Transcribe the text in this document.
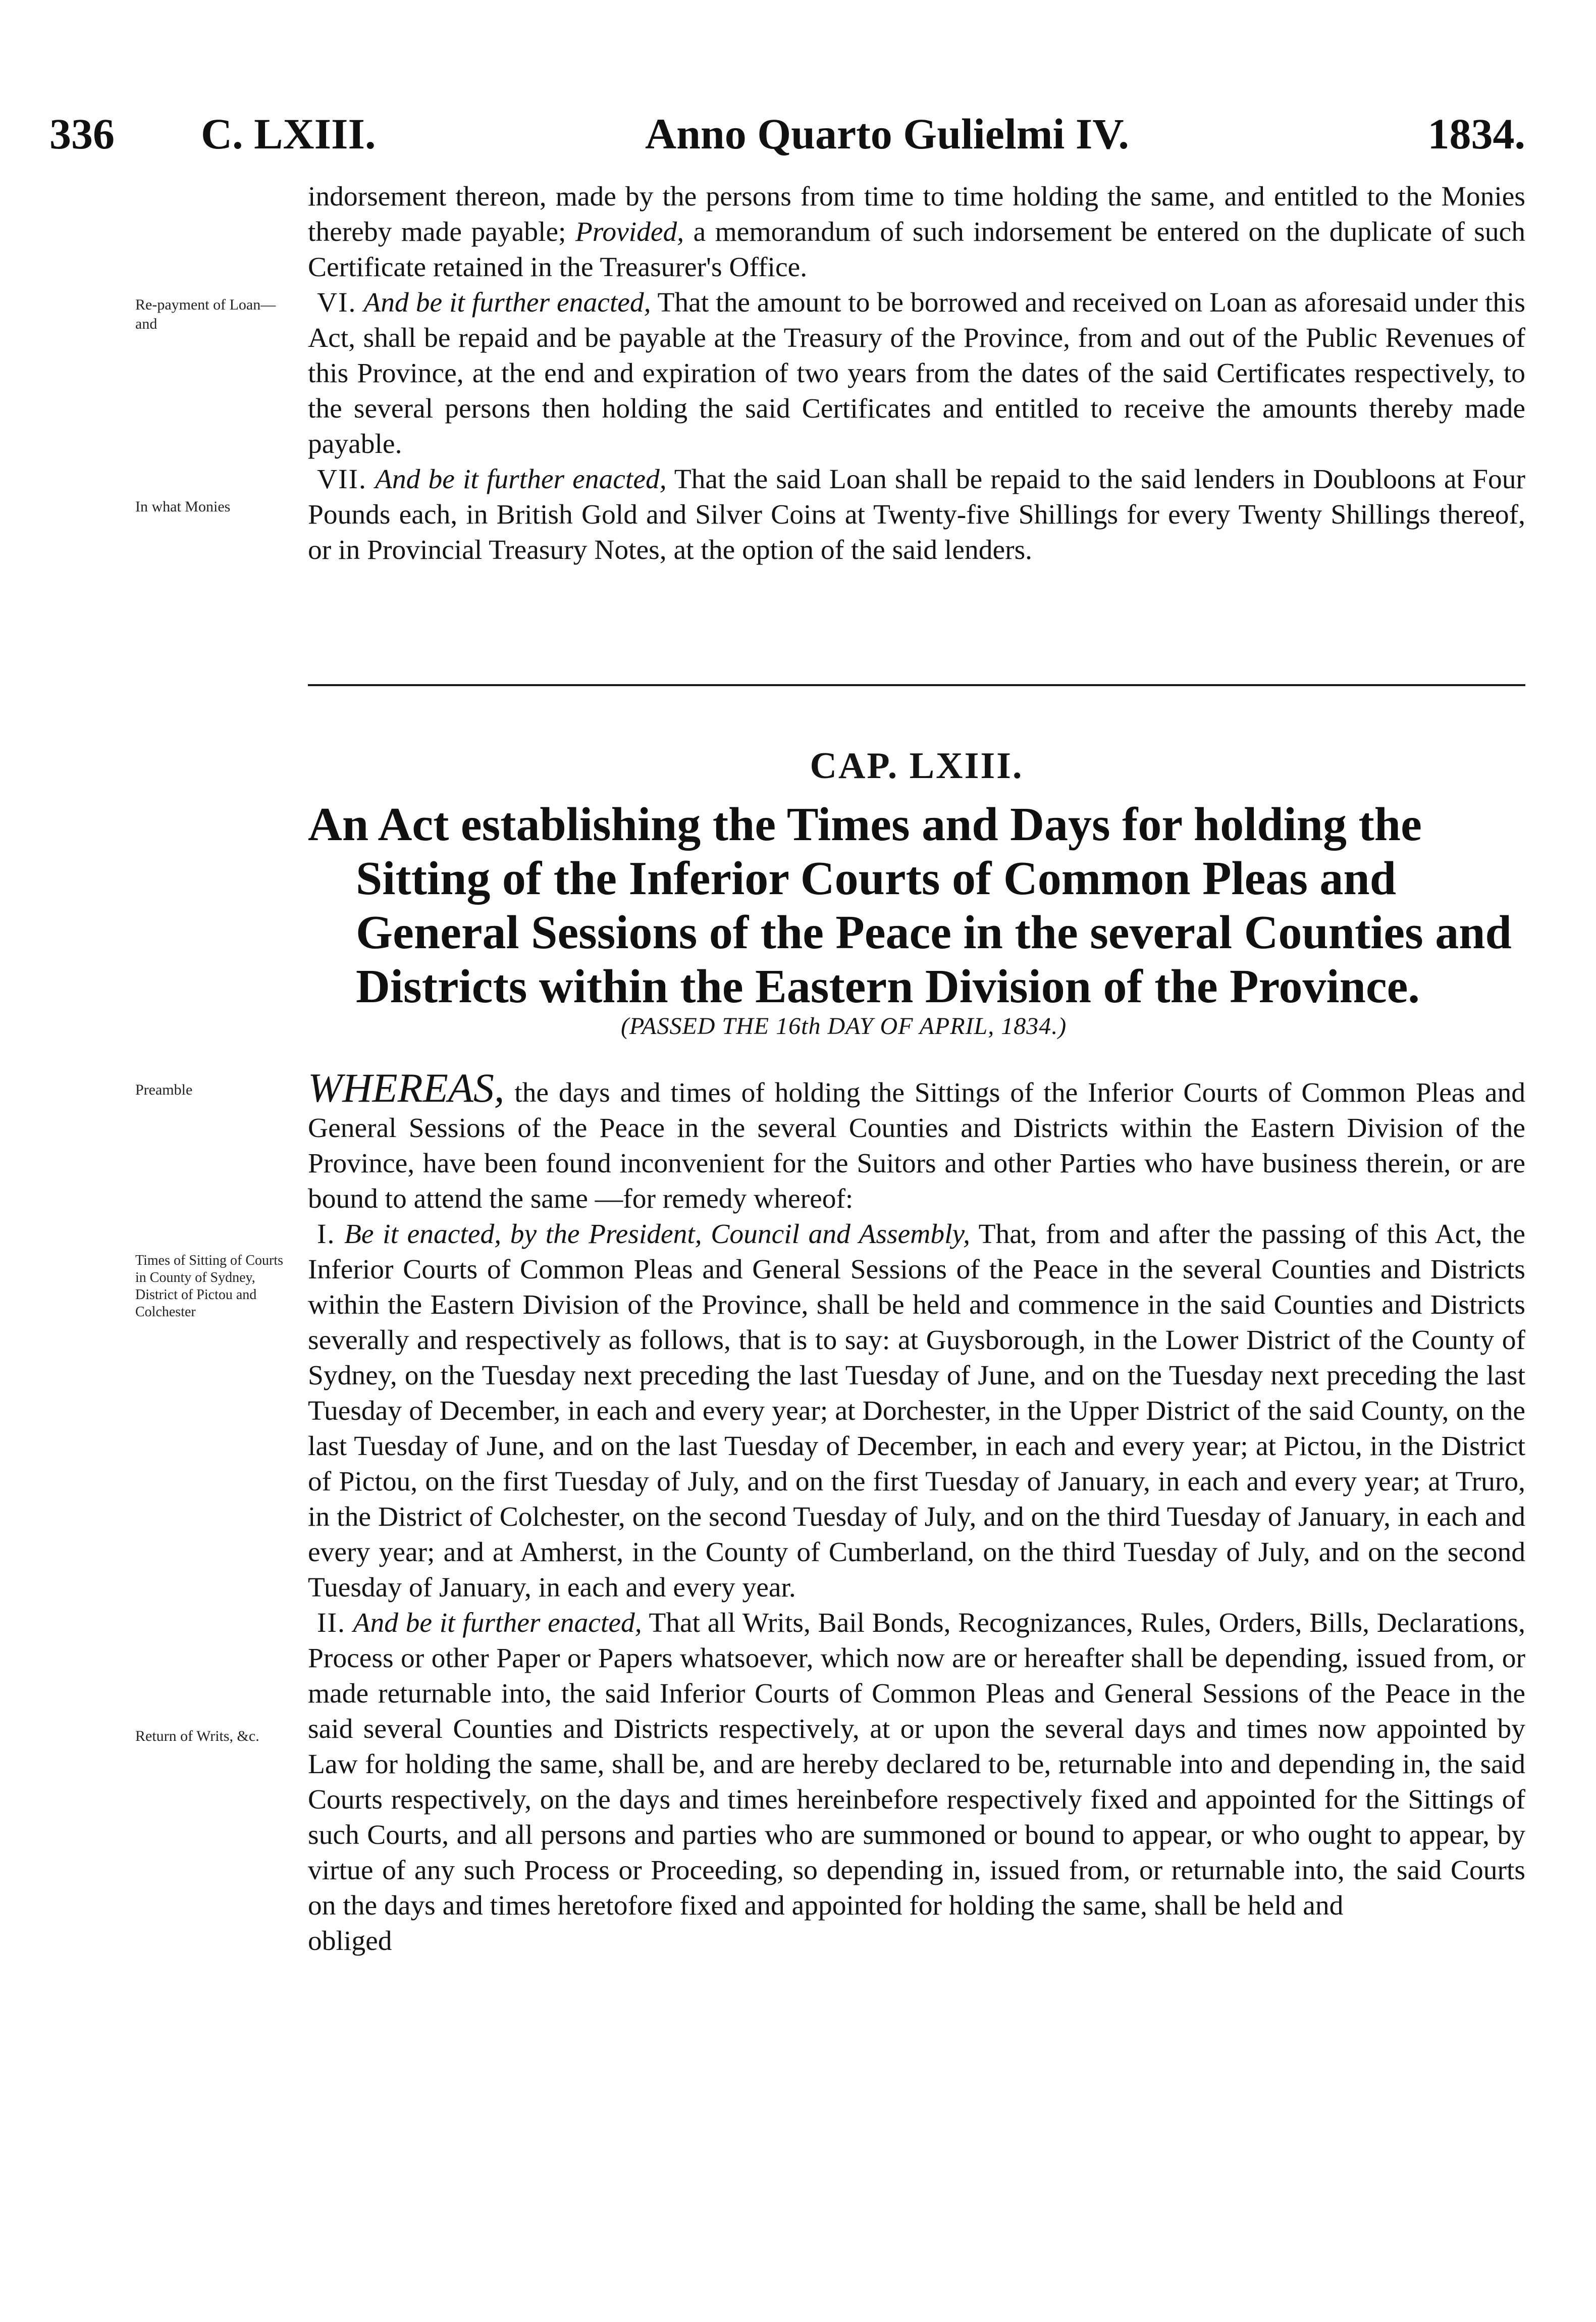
336 C. LXIII.	Anno Quarto Gulielmi IV.	1834.

indorsement thereon, made by the persons from time to time holding the same, and entitled to the Monies thereby made payable; Provided, a memorandum of such indorsement be entered on the duplicate of such Certificate retained in the Treasurer's Office.

VI. And be it further enacted, That the amount to be borrowed and received on Loan as aforesaid under this Act, shall be repaid and be payable at the Treasury of the Province, from and out of the Public Revenues of this Province, at the end and expiration of two years from the dates of the said Certificates respectively, to the several persons then holding the said Certificates and entitled to receive the amounts thereby made payable.

VII. And be it further enacted, That the said Loan shall be repaid to the said lenders in Doubloons at Four Pounds each, in British Gold and Silver Coins at Twenty-five Shillings for every Twenty Shillings thereof, or in Provincial Treasury Notes, at the option of the said lenders.

Re-payment of Loan—and

In what Monies

Preamble

Times of Sitting of Courts in County of Sydney, District of Pictou and Colchester

Return of Writs, &c.

CAP. LXIII.
An Act establishing the Times and Days for holding the Sitting of the Inferior Courts of Common Pleas and General Sessions of the Peace in the several Counties and Districts within the Eastern Division of the Province.
(PASSED THE 16th DAY OF APRIL, 1834.)

WHEREAS, the days and times of holding the Sittings of the Inferior Courts of Common Pleas and General Sessions of the Peace in the several Counties and Districts within the Eastern Division of the Province, have been found inconvenient for the Suitors and other Parties who have business therein, or are bound to attend the same —for remedy whereof:

I. Be it enacted, by the President, Council and Assembly, That, from and after the passing of this Act, the Inferior Courts of Common Pleas and General Sessions of the Peace in the several Counties and Districts within the Eastern Division of the Province, shall be held and commence in the said Counties and Districts severally and respectively as follows, that is to say: at Guysborough, in the Lower District of the County of Sydney, on the Tuesday next preceding the last Tuesday of June, and on the Tuesday next preceding the last Tuesday of December, in each and every year; at Dorchester, in the Upper District of the said County, on the last Tuesday of June, and on the last Tuesday of December, in each and every year; at Pictou, in the District of Pictou, on the first Tuesday of July, and on the first Tuesday of January, in each and every year; at Truro, in the District of Colchester, on the second Tuesday of July, and on the third Tuesday of January, in each and every year; and at Amherst, in the County of Cumberland, on the third Tuesday of July, and on the second Tuesday of January, in each and every year.

II. And be it further enacted, That all Writs, Bail Bonds, Recognizances, Rules, Orders, Bills, Declarations, Process or other Paper or Papers whatsoever, which now are or hereafter shall be depending, issued from, or made returnable into, the said Inferior Courts of Common Pleas and General Sessions of the Peace in the said several Counties and Districts respectively, at or upon the several days and times now appointed by Law for holding the same, shall be, and are hereby declared to be, returnable into and depending in, the said Courts respectively, on the days and times hereinbefore respectively fixed and appointed for the Sittings of such Courts, and all persons and parties who are summoned or bound to appear, or who ought to appear, by virtue of any such Process or Proceeding, so depending in, issued from, or returnable into, the said Courts on the days and times heretofore fixed and appointed for holding the same, shall be held and

obliged
